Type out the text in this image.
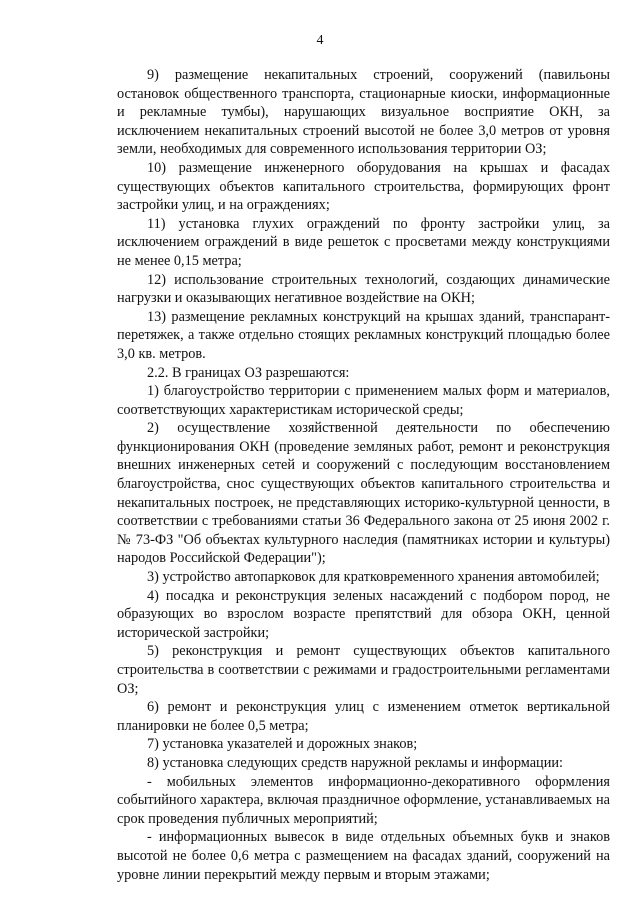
4

9) размещение некапитальных строений, сооружений (павильоны остановок общественного транспорта, стационарные киоски, информационные и рекламные тумбы), нарушающих визуальное восприятие ОКН, за исключением некапитальных строений высотой не более 3,0 метров от уровня земли, необходимых для современного использования территории ОЗ;

10) размещение инженерного оборудования на крышах и фасадах существующих объектов капитального строительства, формирующих фронт застройки улиц, и на ограждениях;

11) установка глухих ограждений по фронту застройки улиц, за исключением ограждений в виде решеток с просветами между конструкциями не менее 0,15 метра;

12) использование строительных технологий, создающих динамические нагрузки и оказывающих негативное воздействие на ОКН;

13) размещение рекламных конструкций на крышах зданий, транспарант-перетяжек, а также отдельно стоящих рекламных конструкций площадью более 3,0 кв. метров.

2.2. В границах ОЗ разрешаются:

1) благоустройство территории с применением малых форм и материалов, соответствующих характеристикам исторической среды;

2) осуществление хозяйственной деятельности по обеспечению функционирования ОКН (проведение земляных работ, ремонт и реконструкция внешних инженерных сетей и сооружений с последующим восстановлением благоустройства, снос существующих объектов капитального строительства и некапитальных построек, не представляющих историко-культурной ценности, в соответствии с требованиями статьи 36 Федерального закона от 25 июня 2002 г. № 73-ФЗ "Об объектах культурного наследия (памятниках истории и культуры) народов Российской Федерации");

3) устройство автопарковок для кратковременного хранения автомобилей;

4) посадка и реконструкция зеленых насаждений с подбором пород, не образующих во взрослом возрасте препятствий для обзора ОКН, ценной исторической застройки;

5) реконструкция и ремонт существующих объектов капитального строительства в соответствии с режимами и градостроительными регламентами ОЗ;

6) ремонт и реконструкция улиц с изменением отметок вертикальной планировки не более 0,5 метра;

7) установка указателей и дорожных знаков;

8) установка следующих средств наружной рекламы и информации:

- мобильных элементов информационно-декоративного оформления событийного характера, включая праздничное оформление, устанавливаемых на срок проведения публичных мероприятий;

- информационных вывесок в виде отдельных объемных букв и знаков высотой не более 0,6 метра с размещением на фасадах зданий, сооружений на уровне линии перекрытий между первым и вторым этажами;
